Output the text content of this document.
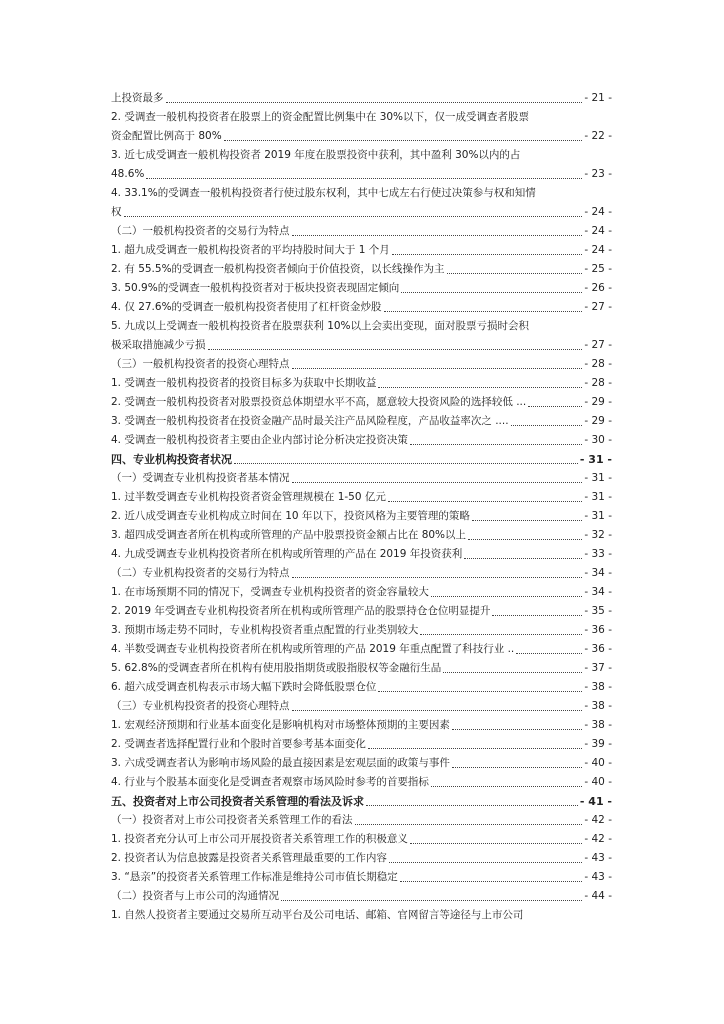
上投资最多	- 21 -
2. 受调查一般机构投资者在股票上的资金配置比例集中在 30%以下，仅一成受调查者股票
资金配置比例高于 80%	- 22 -
3. 近七成受调查一般机构投资者 2019 年度在股票投资中获利，其中盈利 30%以内的占
48.6%	- 23 -
4. 33.1%的受调查一般机构投资者行使过股东权利，其中七成左右行使过决策参与权和知情
权	- 24 -
（二）一般机构投资者的交易行为特点	- 24 -
1. 超九成受调查一般机构投资者的平均持股时间大于 1 个月	- 24 -
2. 有 55.5%的受调查一般机构投资者倾向于价值投资，以长线操作为主	- 25 -
3. 50.9%的受调查一般机构投资者对于板块投资表现固定倾向	- 26 -
4. 仅 27.6%的受调查一般机构投资者使用了杠杆资金炒股	- 27 -
5. 九成以上受调查一般机构投资者在股票获利 10%以上会卖出变现，面对股票亏损时会积
极采取措施减少亏损	- 27 -
（三）一般机构投资者的投资心理特点	- 28 -
1. 受调查一般机构投资者的投资目标多为获取中长期收益	- 28 -
2. 受调查一般机构投资者对股票投资总体期望水平不高，愿意较大投资风险的选择较低 ...	- 29 -
3. 受调查一般机构投资者在投资金融产品时最关注产品风险程度，产品收益率次之 ....	- 29 -
4. 受调查一般机构投资者主要由企业内部讨论分析决定投资决策	- 30 -
四、专业机构投资者状况	- 31 -
（一）受调查专业机构投资者基本情况	- 31 -
1. 过半数受调查专业机构投资者资金管理规模在 1-50 亿元	- 31 -
2. 近八成受调查专业机构成立时间在 10 年以下，投资风格为主要管理的策略	- 31 -
3. 超四成受调查者所在机构或所管理的产品中股票投资金额占比在 80%以上	- 32 -
4. 九成受调查专业机构投资者所在机构或所管理的产品在 2019 年投资获利	- 33 -
（二）专业机构投资者的交易行为特点	- 34 -
1. 在市场预期不同的情况下，受调查专业机构投资者的资金容量较大	- 34 -
2. 2019 年受调查专业机构投资者所在机构或所管理产品的股票持仓仓位明显提升	- 35 -
3. 预期市场走势不同时，专业机构投资者重点配置的行业类别较大	- 36 -
4. 半数受调查专业机构投资者所在机构或所管理的产品 2019 年重点配置了科技行业 ..	- 36 -
5. 62.8%的受调查者所在机构有使用股指期货或股指股权等金融衍生品	- 37 -
6. 超六成受调查机构表示市场大幅下跌时会降低股票仓位	- 38 -
（三）专业机构投资者的投资心理特点	- 38 -
1. 宏观经济预期和行业基本面变化是影响机构对市场整体预期的主要因素	- 38 -
2. 受调查者选择配置行业和个股时首要参考基本面变化	- 39 -
3. 六成受调查者认为影响市场风险的最直接因素是宏观层面的政策与事件	- 40 -
4. 行业与个股基本面变化是受调查者观察市场风险时参考的首要指标	- 40 -
五、投资者对上市公司投资者关系管理的看法及诉求	- 41 -
（一）投资者对上市公司投资者关系管理工作的看法	- 42 -
1. 投资者充分认可上市公司开展投资者关系管理工作的积极意义	- 42 -
2. 投资者认为信息披露是投资者关系管理最重要的工作内容	- 43 -
3. “恳亲”的投资者关系管理工作标准是维持公司市值长期稳定	- 43 -
（二）投资者与上市公司的沟通情况	- 44 -
1. 自然人投资者主要通过交易所互动平台及公司电话、邮箱、官网留言等途径与上市公司
